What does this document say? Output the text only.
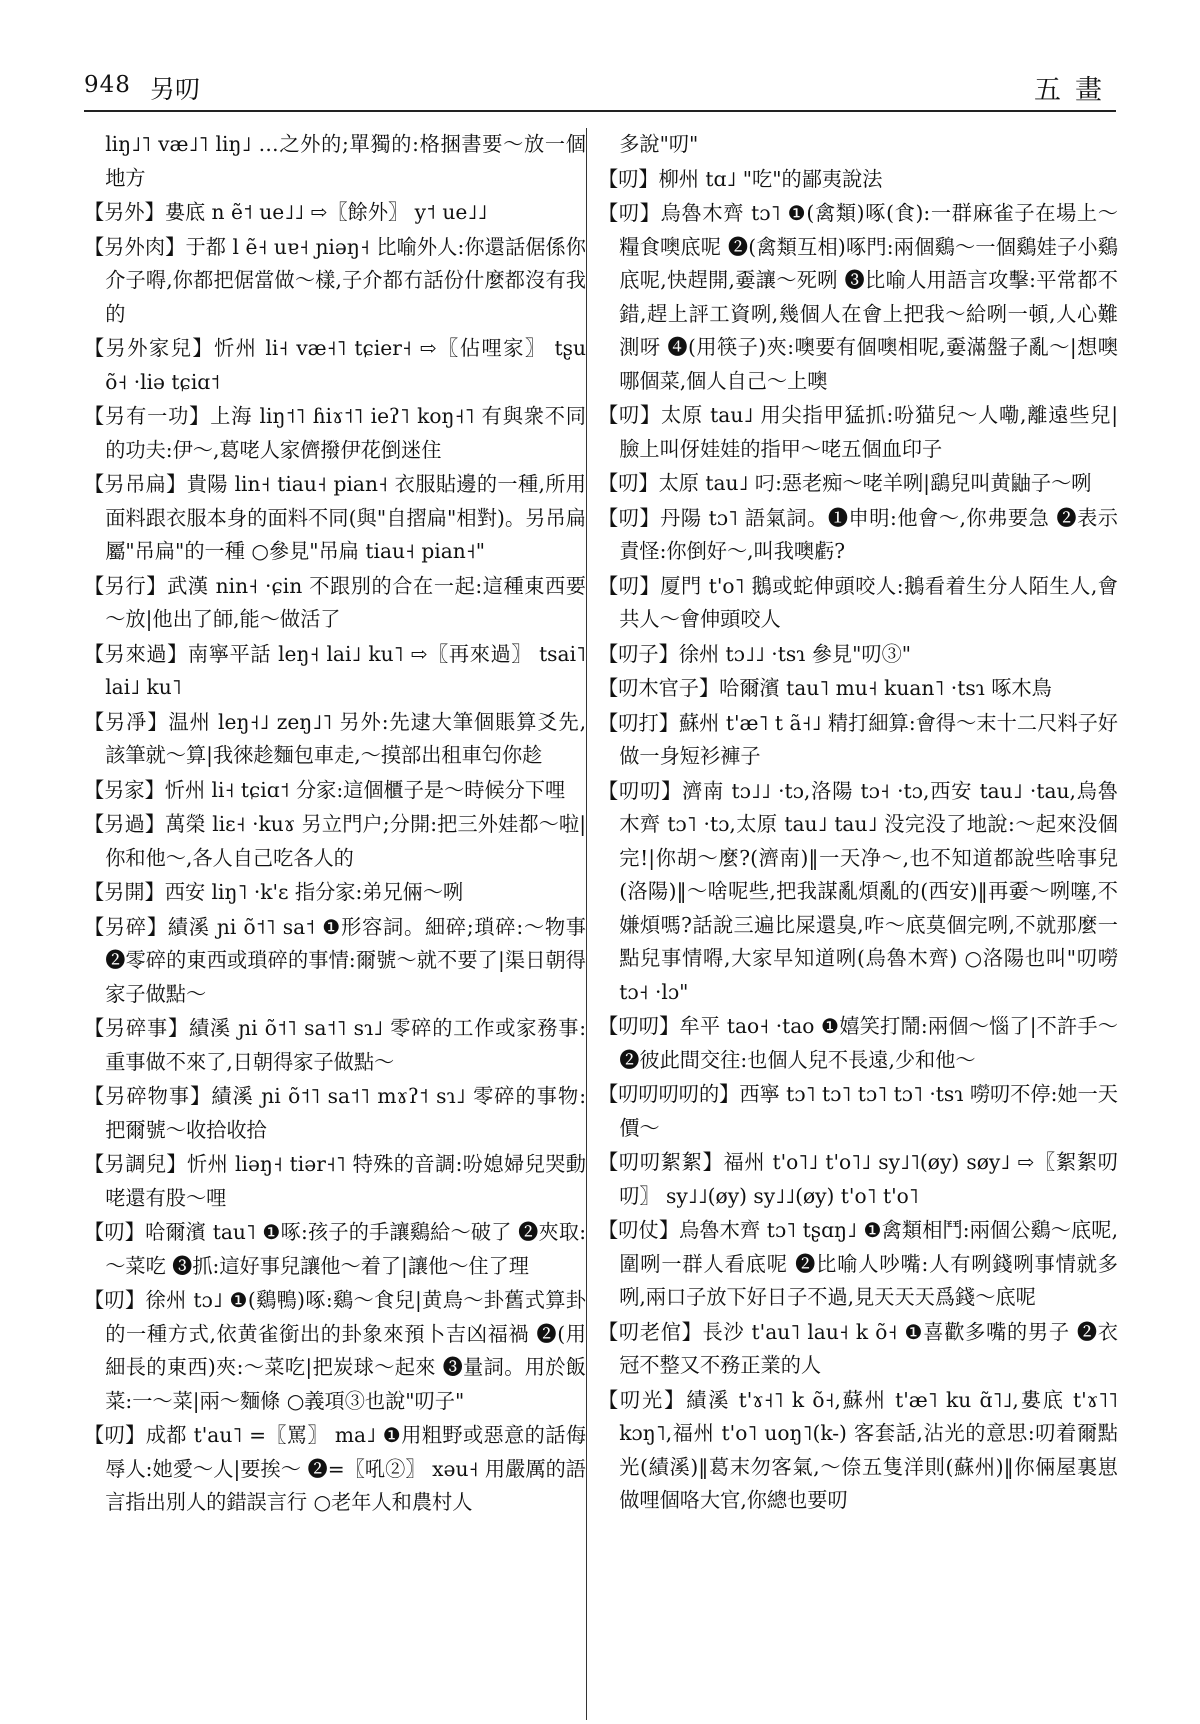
948 另叨	五畫

liŋ˩˥ væ˩˥ liŋ˩ …之外的;單獨的:格捆書要～放一個地方

【另外】婁底 n ẽ˦ ue˩˩ ⇨〖餘外〗 y˦ ue˩˩

【另外肉】于都 l ẽ˧ uɐ˧ ɲiəŋ˧ 比喻外人:你還話倨係你介子嘚,你都把倨當做～樣,子介都冇話份什麼都沒有我的

【另外家兒】忻州 li˧ væ˧˥ tɕier˧ ⇨〖佔哩家〗 tʂu õ˧ ·liə tɕiɑ˦

【另有一功】上海 liŋ˦˥ ɦiɤ˦˥ ieʔ˥ koŋ˧˥ 有與衆不同的功夫:伊～,葛咾人家儕撥伊花倒迷住

【另吊扁】貴陽 lin˧ tiau˧ pian˧ 衣服貼邊的一種,所用面料跟衣服本身的面料不同(與"自摺扁"相對)。另吊扁屬"吊扁"的一種 ○參見"吊扁 tiau˧ pian˧"

【另行】武漢 nin˧ ·ɕin 不跟別的合在一起:這種東西要～放|他出了師,能～做活了

【另來過】南寧平話 leŋ˧ lai˩ ku˥ ⇨〖再來過〗 tsai˥ lai˩ ku˥

【另凈】温州 leŋ˧˩ zeŋ˩˥ 另外:先逮大筆個賬算爻先,該筆就～算|我徠趁麵包車走,～摸部出租車匄你趁

【另家】忻州 li˧ tɕiɑ˦ 分家:這個櫃子是～時候分下哩

【另過】萬榮 liɛ˧ ·kuɤ 另立門户;分開:把三外娃都～啦|你和他～,各人自己吃各人的

【另開】西安 liŋ˥ ·k'ɛ 指分家:弟兄倆～咧

【另碎】績溪 ɲi õ˦˥ sa˦ ❶形容詞。細碎;瑣碎:～物事 ❷零碎的東西或瑣碎的事情:爾號～就不要了|渠日朝得家子做點～

【另碎事】績溪 ɲi õ˦˥ sa˦˥ sɿ˩ 零碎的工作或家務事:重事做不來了,日朝得家子做點～

【另碎物事】績溪 ɲi õ˦˥ sa˦˥ mɤʔ˦ sɿ˩ 零碎的事物:把爾號～收拾收拾

【另調兒】忻州 liəŋ˧ tiər˧˥ 特殊的音調:吩媳婦兒哭動咾還有股～哩

【叨】哈爾濱 tau˥ ❶啄:孩子的手讓鷄給～破了 ❷夾取:～菜吃 ❸抓:這好事兒讓他～着了|讓他～住了理

【叨】徐州 tɔ˩ ❶(鷄鴨)啄:鷄～食兒|黄鳥～卦舊式算卦的一種方式,依黄雀銜出的卦象來預卜吉凶福禍 ❷(用細長的東西)夾:～菜吃|把炭球～起來 ❸量詞。用於飯菜:一～菜|兩～麵條 ○義項③也說"叨子"

【叨】成都 t'au˥ =〖罵〗 ma˩ ❶用粗野或惡意的話侮辱人:她愛～人|要挨～ ❷=〖吼②〗 xəu˧ 用嚴厲的語言指出別人的錯誤言行 ○老年人和農村人

多說"叨"

【叨】柳州 tɑ˩ "吃"的鄙夷說法

【叨】烏魯木齊 tɔ˥ ❶(禽類)啄(食):一群麻雀子在場上～糧食噢底呢 ❷(禽類互相)啄門:兩個鷄～一個鷄娃子小鷄底呢,快趕開,嫑讓～死咧 ❸比喻人用語言攻擊:平常都不錯,趕上評工資咧,幾個人在會上把我～給咧一頓,人心難測呀 ❹(用筷子)夾:噢要有個噢相呢,嫑滿盤子亂～|想噢哪個菜,個人自己～上噢

【叨】太原 tau˩ 用尖指甲猛抓:吩猫兒～人嘞,離遠些兒|臉上叫伢娃娃的指甲～咾五個血印子

【叨】太原 tau˩ 叼:惡老痴～咾羊咧|鷂兒叫黄鼬子～咧

【叨】丹陽 tɔ˥ 語氣詞。❶申明:他會～,你弗要急 ❷表示責怪:你倒好～,叫我噢虧?

【叨】厦門 t'o˥ 鵝或蛇伸頭咬人:鵝看着生分人陌生人,會共人～會伸頭咬人

【叨子】徐州 tɔ˩˩ ·tsɿ 參見"叨③"

【叨木官子】哈爾濱 tau˥ mu˧ kuan˥ ·tsɿ 啄木鳥

【叨打】蘇州 t'æ˥ t ã˧˩ 精打細算:會得～末十二尺料子好做一身短衫褲子

【叨叨】濟南 tɔ˩˩ ·tɔ,洛陽 tɔ˧ ·tɔ,西安 tau˩ ·tau,烏魯木齊 tɔ˥ ·tɔ,太原 tau˩ tau˩ 没完没了地說:～起來没個完!|你胡～麼?(濟南)‖一天净～,也不知道都說些啥事兒(洛陽)‖～啥呢些,把我謀亂煩亂的(西安)‖再嫑～咧噻,不嫌煩嗎?話說三遍比屎還臭,咋～底莫個完咧,不就那麼一點兒事情嘚,大家早知道咧(烏魯木齊) ○洛陽也叫"叨嘮 tɔ˧ ·lɔ"

【叨叨】牟平 tao˧ ·tao ❶嬉笑打鬧:兩個～惱了|不許手～ ❷彼此間交往:也個人兒不長遠,少和他～

【叨叨叨叨的】西寧 tɔ˥ tɔ˥ tɔ˥ tɔ˥ ·tsɿ 嘮叨不停:她一天價～

【叨叨絮絮】福州 t'o˥˩ t'o˥˩ sy˩˥(øy) søy˩ ⇨〖絮絮叨叨〗 sy˩˩(øy) sy˩˩(øy) t'o˥ t'o˥

【叨仗】烏魯木齊 tɔ˥ tʂɑŋ˩ ❶禽類相鬥:兩個公鷄～底呢,圍咧一群人看底呢 ❷比喻人吵嘴:人有咧錢咧事情就多咧,兩口子放下好日子不過,見天天天爲錢～底呢

【叨老倌】長沙 t'au˥ lau˧ k õ˧ ❶喜歡多嘴的男子 ❷衣冠不整又不務正業的人

【叨光】績溪 t'ɤ˧˥ k õ˧,蘇州 t'æ˥ ku ɑ̃˥˩,婁底 t'ɤ˥˥ kɔŋ˥,福州 t'o˥ uoŋ˥(k-) 客套話,沾光的意思:叨着爾點光(績溪)‖葛末勿客氣,～倷五隻洋則(蘇州)‖你倆屋裏崽做哩個咯大官,你總也要叨
